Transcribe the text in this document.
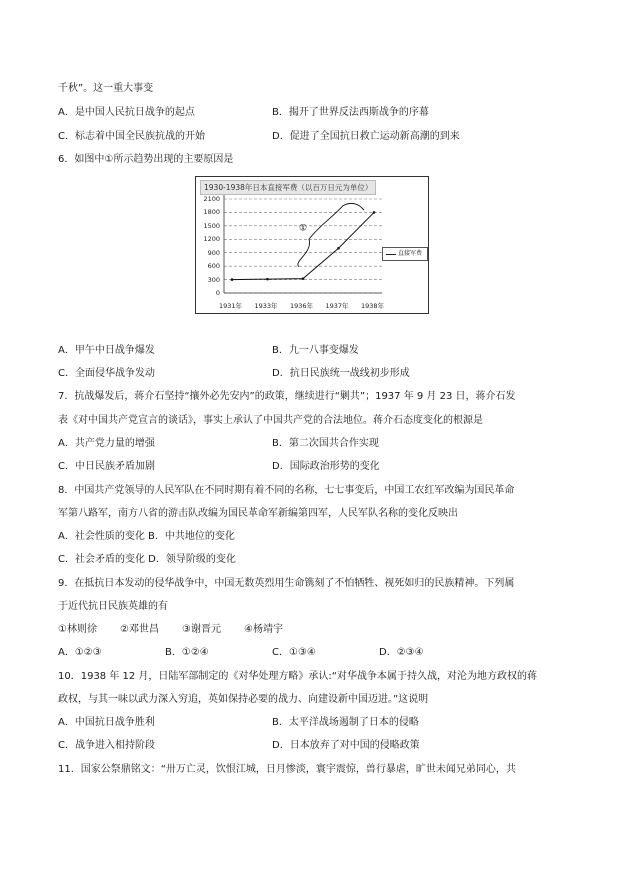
千秋”。这一重大事变
A．是中国人民抗日战争的起点	B．揭开了世界反法西斯战争的序幕
C．标志着中国全民族抗战的开始	D．促进了全国抗日救亡运动新高潮的到来
6．如图中①所示趋势出现的主要原因是
①
1930-1938年日本直接军费（以百万日元为单位）
2100
1800
1500
1200
900
600
300
0
1931年 1933年 1936年 1937年 1938年
直接军费
A．甲午中日战争爆发	B．九一八事变爆发
C．全面侵华战争发动	D．抗日民族统一战线初步形成
7．抗战爆发后，蒋介石坚持“攘外必先安内”的政策，继续进行“剿共”；1937 年 9 月 23 日，蒋介石发
表《对中国共产党宣言的谈话》，事实上承认了中国共产党的合法地位。蒋介石态度变化的根源是
A．共产党力量的增强	B．第二次国共合作实现
C．中日民族矛盾加剧	D．国际政治形势的变化
8．中国共产党领导的人民军队在不同时期有着不同的名称，七七事变后，中国工农红军改编为国民革命
军第八路军，南方八省的游击队改编为国民革命军新编第四军，人民军队名称的变化反映出
A．社会性质的变化 B．中共地位的变化
C．社会矛盾的变化 D．领导阶级的变化
9．在抵抗日本发动的侵华战争中，中国无数英烈用生命镌刻了不怕牺牲、视死如归的民族精神。下列属
于近代抗日民族英雄的有
①林则徐 ②邓世昌 ③谢晋元 ④杨靖宇
A．①②③	B．①②④	C．①③④	D．②③④
10．1938 年 12 月，日陆军部制定的《对华处理方略》承认:“对华战争本属于持久战，对沦为地方政权的蒋
政权，与其一味以武力深入穷追，英如保持必要的战力、向建设新中国迈进。”这说明
A．中国抗日战争胜利	B．太平洋战场遏制了日本的侵略
C．战争进入相持阶段	D．日本放弃了对中国的侵略政策
11．国家公祭鼎铭文：“卅万亡灵，饮恨江城，日月惨淡，寰宇震惊，兽行暴虐，旷世未闻兄弟同心，共
